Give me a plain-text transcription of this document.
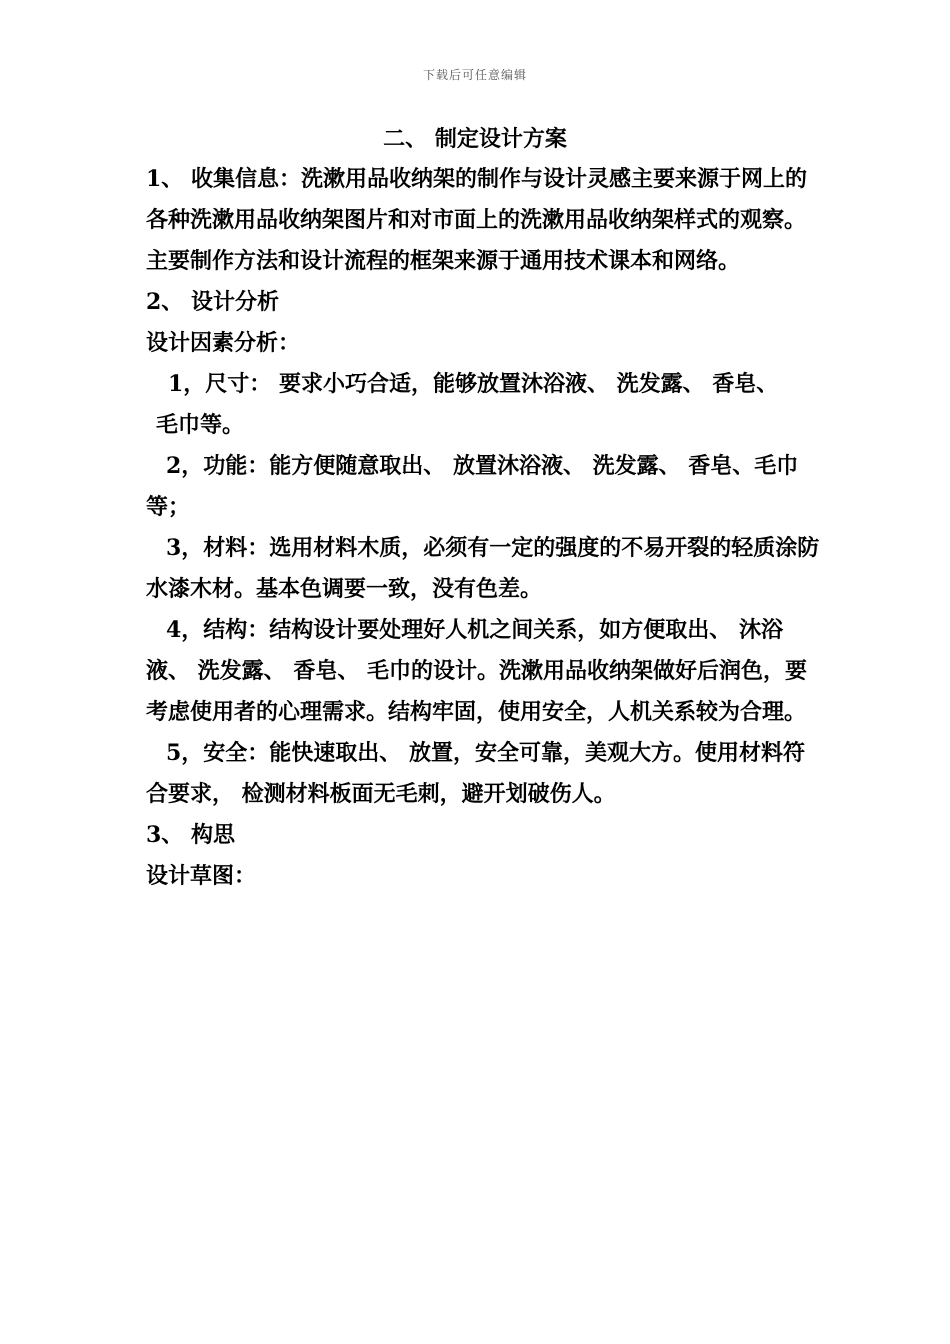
下载后可任意编辑
二、 制定设计方案

1、 收集信息：洗漱用品收纳架的制作与设计灵感主要来源于网上的各种洗漱用品收纳架图片和对市面上的洗漱用品收纳架样式的观察。主要制作方法和设计流程的框架来源于通用技术课本和网络。

2、 设计分析

设计因素分析：

1，尺寸： 要求小巧合适，能够放置沐浴液、 洗发露、 香皂、

毛巾等。

2，功能：能方便随意取出、 放置沐浴液、 洗发露、 香皂、毛巾等；

3，材料：选用材料木质，必须有一定的强度的不易开裂的轻质涂防水漆木材。基本色调要一致，没有色差。

4，结构：结构设计要处理好人机之间关系，如方便取出、 沐浴液、 洗发露、 香皂、 毛巾的设计。洗漱用品收纳架做好后润色，要考虑使用者的心理需求。结构牢固，使用安全，人机关系较为合理。

5，安全：能快速取出、 放置，安全可靠，美观大方。使用材料符合要求， 检测材料板面无毛刺，避开划破伤人。

3、 构思

设计草图：
